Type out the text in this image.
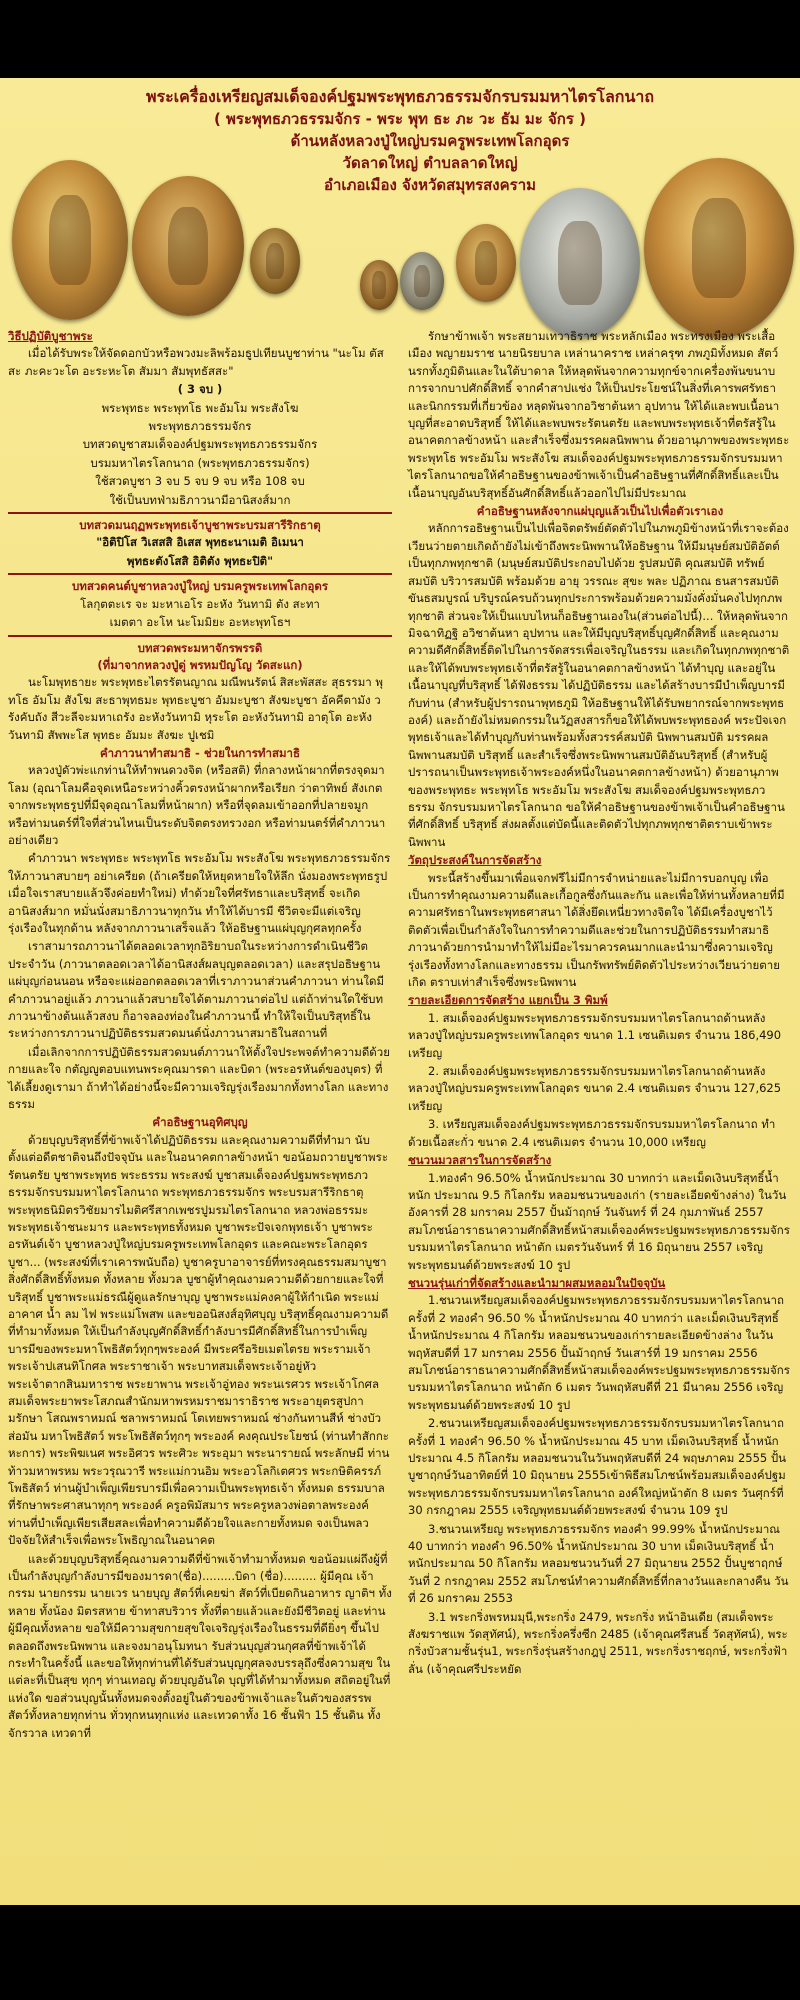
พระเครื่องเหรียญสมเด็จองค์ปฐมพระพุทธภวธรรมจักรบรมมหาไตรโลกนาถ
( พระพุทธภวธรรมจักร - พระ พุท ธะ ภะ วะ ธัม มะ จักร )
ด้านหลังหลวงปู่ใหญ่บรมครูพระเทพโลกอุดร
วัดลาดใหญ่ ตำบลลาดใหญ่
อำเภอเมือง จังหวัดสมุทรสงคราม
วิธีปฏิบัติบูชาพระ

เมื่อได้รับพระให้จัดดอกบัวหรือพวงมะลิพร้อมธูปเทียนบูชาท่าน "นะโม ตัสสะ ภะคะวะโต อะระหะโต สัมมา สัมพุทธัสสะ"

( 3 จบ )

พระพุทธะ พระพุทโธ พะอัมโม พระสังโฆ

พระพุทธภวธรรมจักร

บทสวดบูชาสมเด็จองค์ปฐมพระพุทธภวธรรมจักร

บรมมหาไตรโลกนาถ (พระพุทธภวธรรมจักร)

ใช้สวดบูชา 3 จบ 5 จบ 9 จบ หรือ 108 จบ

ใช้เป็นบทฟ่ามธิภาวนามีอานิสงส์มาก

บทสวดมนฤฏพระพุทธเจ้าบูชาพระบรมสารีริกธาตุ

"อิติปิโส วิเสสสิ อิเสส พุทธะนาเมติ อิเมนา

พุทธะตังโสสิ อิติตัง พุทธะปิติ"

บทสวดคนต์บูชาหลวงปู่ใหญ่ บรมครูพระเทพโลกอุดร

โลกุตตะเร จะ มะหาเอโร อะหัง วันทามิ ตัง สะทา

เมตตา อะโห นะโมมิยะ อะหะพุทโธฯ

บทสวดพระมหาจักรพรรดิ
(ที่มาจากหลวงปู่ดู่ พรหมปัญโญ วัดสะแก)

นะโมพุทธายะ พระพุทธะไตรรัตนญาณ มณีพนรัตน์ สิสะพัสสะ สุธรรมา พุทโธ อัมโม สังโฆ สะธาพุทธมะ พุทธะบูชา อัมมะบูชา สังฆะบูชา อัคคีตามัง วรังคับถัง สีวะลีจะมหาเถรัง อะหังวันทามิ หุระโต อะหังวันทามิ อาตุโต อะหังวันทามิ สัพพะโส พุทธะ อัมมะ สังฆะ ปูเชมิ

คำภาวนาทำสมาธิ - ช่วยในการทำสมาธิ

หลวงปู่ดัวพ่ะแกท่านให้ทำพนดวงจิต (หรือสติ) ที่กลางหน้าผากที่ตรงจุดมาโลม (อุณาโลมคือจุดเหนือระหว่างคิ้วตรงหน้าผากหรือเรียก ว่าตาทิพย์ สังเกตจากพระพุทธรูปที่มีจุดอุณาโลมที่หน้าผาก) หรือที่จุดลมเข้าออกที่ปลายจมูก หรือท่ามนตร์ที่ใจที่ส่วนไหนเป็นระดับจิตตรงทรวงอก หรือท่ามนตร์ที่คำภาวนาอย่างเดียว

คำภาวนา พระพุทธะ พระพุทโธ พระอัมโม พระสังโฆ พระพุทธภวธรรมจักร ให้ภาวนาสบายๆ อย่าเครียด (ถ้าเครียดให้หยุดหายใจให้ลึก นั่งมองพระพุทธรูป เมื่อใจเราสบายแล้วจึงค่อยทำใหม่) ทำด้วยใจที่ศรัทธาและบริสุทธิ์ จะเกิดอานิสงส์มาก หมั่นนั่งสมาธิภาวนาทุกวัน ทำให้ได้บารมี ชีวิตจะมีแต่เจริญรุ่งเรืองในทุกด้าน หลังจากภาวนาเสร็จแล้ว ให้อธิษฐานแผ่บุญกุศลทุกครั้ง

เราสามารถภาวนาได้ตลอดเวลาทุกอิริยาบถในระหว่างการดำเนินชีวิตประจำวัน (ภาวนาตลอดเวลาได้อานิสงส์ผลบุญตลอดเวลา) และสรุปอธิษฐาน แผ่บุญก่อนนอน หรือจะแผ่ออกตลอดเวลาที่เราภาวนาส่วนคำภาวนา ท่านใดมีคำภาวนาอยู่แล้ว ภาวนาแล้วสบายใจได้ตามภาวนาต่อไป แต่ถ้าท่านใดใช้บทภาวนาข้างต้นแล้วสงบ ก็อาจลองท่องในคำภาวนานี้ ทำให้ใจเป็นบริสุทธิ์ในระหว่างการภาวนาปฏิบัติธรรมสวดมนต์นั่งภาวนาสมาธิในสถานที่

เมื่อเลิกจากการปฏิบัติธรรมสวดมนต์ภาวนาให้ตั้งใจประพจต์ทำความดีด้วยกายและใจ กตัญญูตอบแทนพระคุณมารดา และบิดา (พระอรหันต์ของบุตร) ที่ได้เลี้ยงดูเรามา ถ้าทำได้อย่างนี้จะมีความเจริญรุ่งเรืองมากทั้งทางโลก และทางธรรม

คำอธิษฐานอุทิศบุญ

ด้วยบุญบริสุทธิ์ที่ข้าพเจ้าได้ปฏิบัติธรรม และคุณงามความดีที่ทำมา นับตั้งแต่อดีตชาติจนถึงปัจจุบัน และในอนาคตกาลข้างหน้า ขอน้อมถวายบูชาพระรัตนตรัย บูชาพระพุทธ พระธรรม พระสงฆ์ บูชาสมเด็จองค์ปฐมพระพุทธภวธรรมจักรบรมมหาไตรโลกนาถ พระพุทธภวธรรมจักร พระบรมสารีริกธาตุ พระพุทธนิมิตรวิชัยมารไมติศรีสากเพชรปูมรมไตรโลกนาถ หลวงพ่อธรรมะพระพุทธเจ้าชนะมาร และพระพุทธทั้งหมด บูชาพระปัจเจกพุทธเจ้า บูชาพระอรหันต์เจ้า บูชาหลวงปู่ใหญ่บรมครูพระเทพโลกอุดร และคณะพระโลกอุดร บูชา... (พระสงฆ์ที่เราเคารพนับถือ) บูชาครูบาอาจารย์ที่ทรงคุณธรรมสมาบูชาสิ่งศักดิ์สิทธิ์ทั้งหมด ทั้งหลาย ทั้งมวล บูชาผู้ทำคุณงามความดีด้วยกายและใจที่บริสุทธิ์ บูชาพระแม่ธรณีผู้ดูแลรักษาบุญ บูชาพระแม่คงคาผู้ให้กำเนิด พระแม่อาคาศ น้ำ ลม ไฟ พระแม่โพสพ และขออนิสงส์อุทิศบุญ บริสุทธิ์คุณงามความดีที่ทำมาทั้งหมด ให้เป็นกำลังบุญศักดิ์สิทธิ์กำลังบารมีศักดิ์สิทธิ์ในการบำเพ็ญบารมีของพระมหาโพธิสัตว์ทุกๆพระองค์ มีพระศรีอริยเมตไตรย พระรามเจ้า พระเจ้าปเสนทิโกศล พระราชาเจ้า พระบาทสมเด็จพระเจ้าอยู่หัว พระเจ้าตากสินมหาราช พระยาพาน พระเจ้าอู่ทอง พระนเรศวร พระเจ้าโกศล สมเด็จพระยาพระโสภณสำนักมหาพรหมราชมาราธิราช พระอายุตรสูปกามรักษา โสณพราหมณ์ ชลาพราหมณ์ โตเทยพราหมณ์ ช่างกันทานสีห์ ช่างบัวส่อมัน มหาโพธิสัตว์ พระโพธิสัตว์ทุกๆ พระองค์ คงคุณประโยชน์ (ท่านทำสักกะหะการ) พระพิฆเนศ พระอิศวร พระศิวะ พระอุมา พระนารายณ์ พระลักษมี ท่านท้าวมหาพรหม พระวรุณวารี พระแม่กวนอิม พระอวโลกิเตศวร พระกษิติครรภ์โพธิสัตว์ ท่านผู้บำเพ็ญเพียรบารมีเพื่อความเป็นพระพุทธเจ้า ทั้งหมด ธรรมบาลที่รักษาพระศาสนาทุกๆ พระองค์ ครูอพิมัสมาร พระครูหลวงพ่อตาลพระองค์ ท่านที่บำเพ็ญเพียรเสียสละเพื่อทำความดีด้วยใจและกายทั้งหมด จงเป็นพลวปัจจัยให้สำเร็จเพื่อพระโพธิญาณในอนาคต

และด้วยบุญบริสุทธิ์คุณงามความดีที่ข้าพเจ้าทำมาทั้งหมด ขอน้อมแผ่ถึงผู้ที่เป็นกำลังบุญกำลังบารมีของมารดา(ชื่อ).........บิดา (ชื่อ)......... ผู้มีคุณ เจ้ากรรม นายกรรม นายเวร นายบุญ สัตว์ที่เคยฆ่า สัตว์ที่เบียดกินอาหาร ญาติฯ ทั้งหลาย ทั้งน้อง มิตรสหาย ข้าทาสบริวาร ทั้งที่ตายแล้วและยังมีชีวิตอยู่ และท่านผู้มีคุณทั้งหลาย ขอให้มีความสุขกายสุขใจเจริญรุ่งเรืองในธรรมที่ดียิ่งๆ ขึ้นไป ตลอดถึงพระนิพพาน และจงมาอนุโมทนา รับส่วนบุญส่วนกุศลที่ข้าพเจ้าได้กระทำในครั้งนี้ และขอให้ทุกท่านที่ได้รับส่วนบุญกุศลจงบรรลุถึงซึ่งความสุข ในแต่ละที่เป็นสุข ทุกๆ ท่านเทอญ ด้วยบุญอันใด บุญที่ได้ทำมาทั้งหมด สถิตอยู่ในที่แห่งใด ขอส่วนบุญนั้นทั้งหมดจงตั้งอยู่ในตัวของข้าพเจ้าและในตัวของสรรพสัตว์ทั้งหลายทุกท่าน ทั่วทุกหนทุกแห่ง และเทวดาทั้ง 16 ชั้นฟ้า 15 ชั้นดิน ทั้งจักรวาล เทวดาที่

รักษาข้าพเจ้า พระสยามเทวาธิราช พระหลักเมือง พระทรงเมือง พระเสื้อเมือง พญายมราช นายนิรยบาล เหล่านาคราช เหล่าครุฑ ภพภูมิทั้งหมด สัตว์นรกทั้งภูมิดินและในใต้บาดาล ให้หลุดพ้นจากความทุกข์จากเครื่องพ้นขนาบการจากบาปศักดิ์สิทธิ์ จากคำสาปแช่ง ให้เป็นประโยชน์ในสิ่งที่เคารพศรัทธาและนิกกรรมที่เกี่ยวข้อง หลุดพ้นจากอวิชาต้นหา อุปทาน ให้ได้และพบเนื้อนาบุญที่สะอาดบริสุทธิ์ ให้ได้และพบพระรัตนตรัย และพบพระพุทธเจ้าที่ตรัสรู้ในอนาคตกาลข้างหน้า และสำเร็จซึ่งมรรคผลนิพพาน ด้วยอานุภาพของพระพุทธะ พระพุทโธ พระอัมโม พระสังโฆ สมเด็จองค์ปฐมพระพุทธภวธรรมจักรบรมมหาไตรโลกนาถขอให้คำอธิษฐานของข้าพเจ้าเป็นคำอธิษฐานที่ศักดิ์สิทธิ์และเป็นเนื้อนาบุญอันบริสุทธิ์อันศักดิ์สิทธิ์แล้วออกไปไม่มีประมาณ

คำอธิษฐานหลังจากแผ่บุญแล้วเป็นไปเพื่อตัวเราเอง

หลักการอธิษฐานเป็นไปเพื่อจิตตรัพย์ตัดตัวไปในภพภูมิข้างหน้าที่เราจะต้องเวียนว่ายตายเกิดถ้ายังไม่เข้าถึงพระนิพพานให้อธิษฐาน ให้มีมนุษย์สมบัติอัตต์เป็นทุกภพทุกชาติ (มนุษย์สมบัติประกอบไปด้วย รูปสมบัติ คุณสมบัติ ทรัพย์สมบัติ บริวารสมบัติ พร้อมด้วย อายุ วรรณะ สุขะ พละ ปฏิภาณ ธนสารสมบัติ ขันธสมบูรณ์ บริบูรณ์ครบถ้วนทุกประการพร้อมด้วยความมั่งคั่งมั่นคงไปทุกภพทุกชาติ ส่วนจะให้เป็นแบบไหนก็อธิษฐานเองใน(ส่วนต่อไปนี้)... ให้หลุดพ้นจากมิจฉาทิฏฐิ อวิชาต้นหา อุปทาน และให้มีบุญบริสุทธิ์บุญศักดิ์สิทธิ์ และคุณงามความดีศักดิ์สิทธิ์ติดไปในการจัดสรรเพื่อเจริญในธรรม และเกิดในทุกภพทุกชาติ และให้ได้พบพระพุทธเจ้าที่ตรัสรู้ในอนาคตกาลข้างหน้า ได้ทำบุญ และอยู่ในเนื้อนาบุญที่บริสุทธิ์ ได้ฟังธรรม ได้ปฏิบัติธรรม และได้สร้างบารมีบำเพ็ญบารมีกับท่าน (สำหรับผู้ปรารถนาพุทธภูมิ ให้อธิษฐานให้ได้รับพยากรณ์จากพระพุทธองค์) และถ้ายังไม่หมดกรรมในวัฏสงสารก็ขอให้ได้พบพระพุทธองค์ พระปัจเจกพุทธเจ้าและได้ทำบุญกับท่านพร้อมทั้งสวรรค์สมบัติ นิพพานสมบัติ มรรคผลนิพพานสมบัติ บริสุทธิ์ และสำเร็จซึ่งพระนิพพานสมบัติอันบริสุทธิ์ (สำหรับผู้ปรารถนาเป็นพระพุทธเจ้าพระองค์หนึ่งในอนาคตกาลข้างหน้า) ด้วยอานุภาพของพระพุทธะ พระพุทโธ พระอัมโม พระสังโฆ สมเด็จองค์ปฐมพระพุทธภวธรรม จักรบรมมหาไตรโลกนาถ ขอให้คำอธิษฐานของข้าพเจ้าเป็นคำอธิษฐานที่ศักดิ์สิทธิ์ บริสุทธิ์ ส่งผลตั้งแต่บัดนี้และติดตัวไปทุกภพทุกชาติตราบเข้าพระนิพพาน

วัตถุประสงค์ในการจัดสร้าง

พระนี้สร้างขึ้นมาเพื่อแจกฟรีไม่มีการจำหน่ายและไม่มีการบอกบุญ เพื่อเป็นการทำคุณงามความดีและเกื้อกูลซึ่งกันและกัน และเพื่อให้ท่านทั้งหลายที่มีความศรัทธาในพระพุทธศาสนา ได้สิ่งยึดเหนี่ยวทางจิตใจ ได้มีเครื่องบูชาไว้ติดตัวเพื่อเป็นกำลังใจในการทำความดีและช่วยในการปฏิบัติธรรมทำสมาธิ ภาวนาด้วยการนำมาทำให้ไม่มีอะไรมาควรคนมากและนำมาซึ่งความเจริญรุ่งเรืองทั้งทางโลกและทางธรรม เป็นกรัพทรัพย์ติดตัวไประหว่างเวียนว่ายตายเกิด ตราบเท่าสำเร็จซึ่งพระนิพพาน

รายละเอียดการจัดสร้าง แยกเป็น 3 พิมพ์

1. สมเด็จองค์ปฐมพระพุทธภวธรรมจักรบรมมหาไตรโลกนาถด้านหลังหลวงปู่ใหญ่บรมครูพระเทพโลกอุดร ขนาด 1.1 เซนติเมตร จำนวน 186,490 เหรียญ

2. สมเด็จองค์ปฐมพระพุทธภวธรรมจักรบรมมหาไตรโลกนาถด้านหลังหลวงปู่ใหญ่บรมครูพระเทพโลกอุดร ขนาด 2.4 เซนติเมตร จำนวน 127,625 เหรียญ

3. เหรียญสมเด็จองค์ปฐมพระพุทธภวธรรมจักรบรมมหาไตรโลกนาถ ทำด้วยเนื้อสะกั่ว ขนาด 2.4 เซนติเมตร จำนวน 10,000 เหรียญ

ชนวนมวลสารในการจัดสร้าง

1.ทองคำ 96.50% น้ำหนักประมาณ 30 บาทกว่า และเม็ดเงินบริสุทธิ์น้ำหนัก ประมาณ 9.5 กิโลกรัม หลอมชนวนของเก่า (รายละเอียดข้างล่าง) ในวันอังคารที่ 28 มกราคม 2557 ปั้นม้าฤกษ์ วันจันทร์ ที่ 24 กุมภาพันธ์ 2557 สมโภชน์อาราธนาความศักดิ์สิทธิ์หน้าสมเด็จองค์พระปฐมพระพุทธภวธรรมจักรบรมมหาไตรโลกนาถ หน้าตัก เมตรวันจันทร์ ที่ 16 มิถุนายน 2557 เจริญพระพุทธมนต์ด้วยพระสงฆ์ 10 รูป

ชนวนรุ่นเก่าที่จัดสร้างและนำมาผสมหลอมในปัจจุบัน

1.ชนวนเหรียญสมเด็จองค์ปฐมพระพุทธภวธรรมจักรบรมมหาไตรโลกนาถ ครั้งที่ 2 ทองคำ 96.50 % น้ำหนักประมาณ 40 บาทกว่า และเม็ดเงินบริสุทธิ์ น้ำหนักประมาณ 4 กิโลกรัม หลอมชนวนของเก่ารายละเอียดข้างล่าง ในวันพฤหัสบดีที่ 17 มกราคม 2556 ปั้นม้าฤกษ์ วันเสาร์ที่ 19 มกราคม 2556 สมโภชน์อาราธนาความศักดิ์สิทธิ์หน้าสมเด็จองค์พระปฐมพระพุทธภวธรรมจักรบรมมหาไตรโลกนาถ หน้าตัก 6 เมตร วันพฤหัสบดีที่ 21 มีนาคม 2556 เจริญพระพุทธมนต์ด้วยพระสงฆ์ 10 รูป

2.ชนวนเหรียญสมเด็จองค์ปฐมพระพุทธภวธรรมจักรบรมมหาไตรโลกนาถ ครั้งที่ 1 ทองคำ 96.50 % น้ำหนักประมาณ 45 บาท เม็ดเงินบริสุทธิ์ น้ำหนักประมาณ 4.5 กิโลกรัม หลอมชนวนในวันพฤหัสบดีที่ 24 พฤษภาคม 2555 ปั้นบูชาฤกษ์วันอาทิตย์ที่ 10 มิถุนายน 2555เข้าพิธีสมโภชน์พร้อมสมเด็จองค์ปฐมพระพุทธภวธรรมจักรบรมมหาไตรโลกนาถ องค์ใหญ่หน้าตัก 8 เมตร วันศุกร์ที่ 30 กรกฎาคม 2555 เจริญพุทธมนต์ด้วยพระสงฆ์ จำนวน 109 รูป

3.ชนวนเหรียญ พระพุทธภวธรรมจักร ทองคำ 99.99% น้ำหนักประมาณ 40 บาทกว่า ทองคำ 96.50% น้ำหนักประมาณ 30 บาท เม็ดเงินบริสุทธิ์ น้ำหนักประมาณ 50 กิโลกรัม หลอมชนวนวันที่ 27 มิถุนายน 2552 ปั้นบูชาฤกษ์วันที่ 2 กรกฎาคม 2552 สมโภชน์ทำความศักดิ์สิทธิ์ที่กลางวันและกลางคืน วันที่ 26 มกราคม 2553

3.1 พระกริ่งพรหมมุนี,พระกริ่ง 2479, พระกริ่ง หน้าอินเดีย (สมเด็จพระสังฆราชแพ วัดสุทัศน์), พระกริ่งครึ่งซีก 2485 (เจ้าคุณศรีสนธิ์ วัดสุทัศน์), พระกริ่งบัวสามชั้นรุ่น1, พระกริ่งรุ่นสร้างกฎปู 2511, พระกริ่งราชฤกษ์, พระกริ่งฟ้าลั่น (เจ้าคุณศรีประหยัด
